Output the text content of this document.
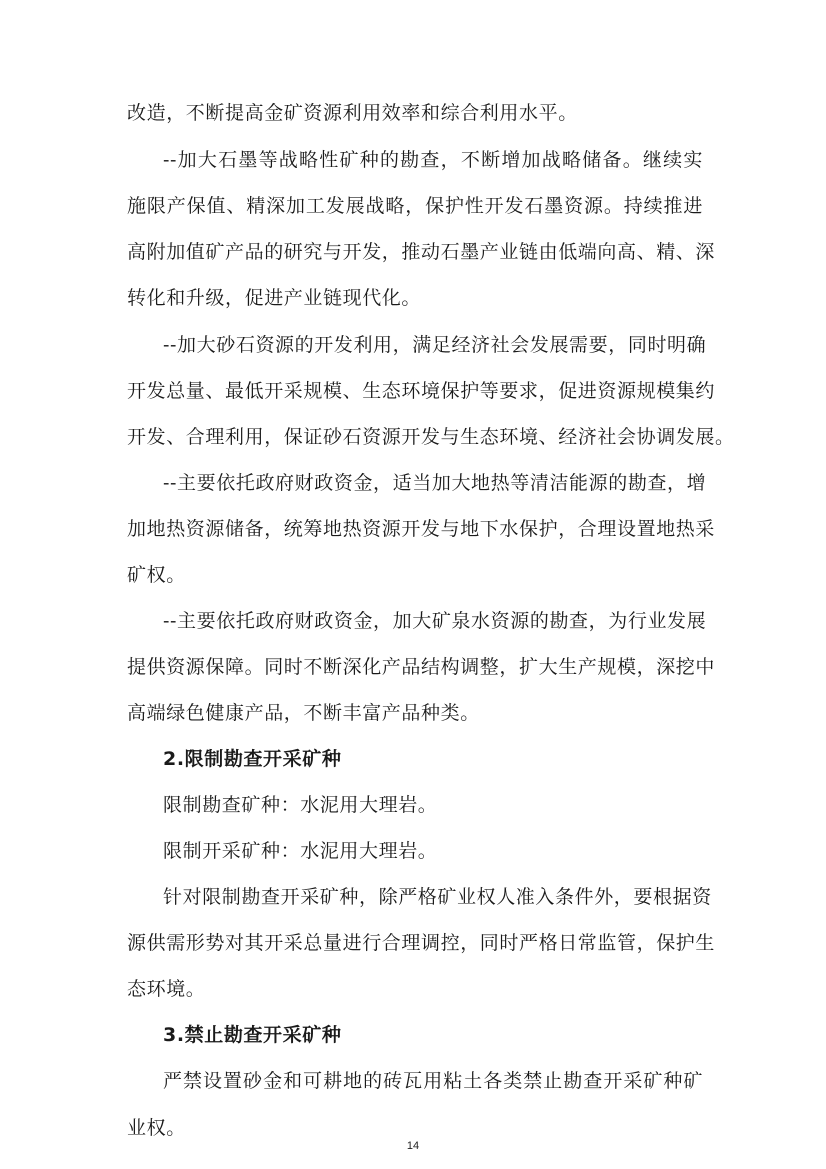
改造，不断提高金矿资源利用效率和综合利用水平。
--加大石墨等战略性矿种的勘查，不断增加战略储备。继续实
施限产保值、精深加工发展战略，保护性开发石墨资源。持续推进
高附加值矿产品的研究与开发，推动石墨产业链由低端向高、精、深
转化和升级，促进产业链现代化。
--加大砂石资源的开发利用，满足经济社会发展需要，同时明确
开发总量、最低开采规模、生态环境保护等要求，促进资源规模集约
开发、合理利用，保证砂石资源开发与生态环境、经济社会协调发展。
--主要依托政府财政资金，适当加大地热等清洁能源的勘查，增
加地热资源储备，统筹地热资源开发与地下水保护，合理设置地热采
矿权。
--主要依托政府财政资金，加大矿泉水资源的勘查，为行业发展
提供资源保障。同时不断深化产品结构调整，扩大生产规模，深挖中
高端绿色健康产品，不断丰富产品种类。
2.限制勘查开采矿种
限制勘查矿种：水泥用大理岩。
限制开采矿种：水泥用大理岩。
针对限制勘查开采矿种，除严格矿业权人准入条件外，要根据资
源供需形势对其开采总量进行合理调控，同时严格日常监管，保护生
态环境。
3.禁止勘查开采矿种
严禁设置砂金和可耕地的砖瓦用粘土各类禁止勘查开采矿种矿
业权。
14
